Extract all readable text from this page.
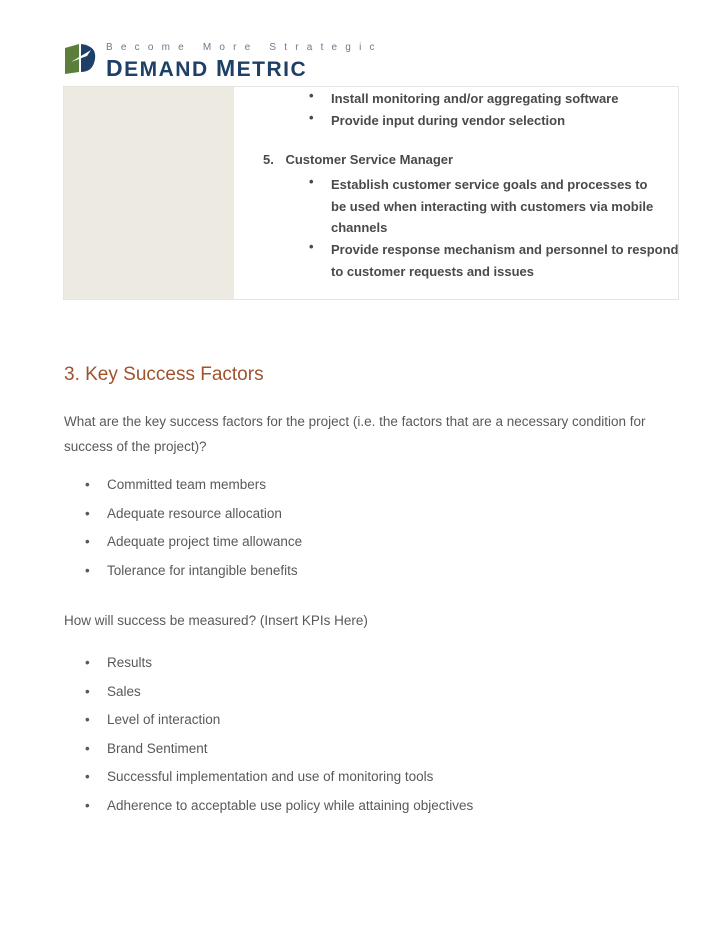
Become More Strategic
DEMAND METRIC
• Install monitoring and/or aggregating software
• Provide input during vendor selection
5. Customer Service Manager
• Establish customer service goals and processes to be used when interacting with customers via mobile channels
• Provide response mechanism and personnel to respond to customer requests and issues
3. Key Success Factors

What are the key success factors for the project (i.e. the factors that are a necessary condition for success of the project)?

• Committed team members
• Adequate resource allocation
• Adequate project time allowance
• Tolerance for intangible benefits

How will success be measured? (Insert KPIs Here)

• Results
• Sales
• Level of interaction
• Brand Sentiment
• Successful implementation and use of monitoring tools
• Adherence to acceptable use policy while attaining objectives
